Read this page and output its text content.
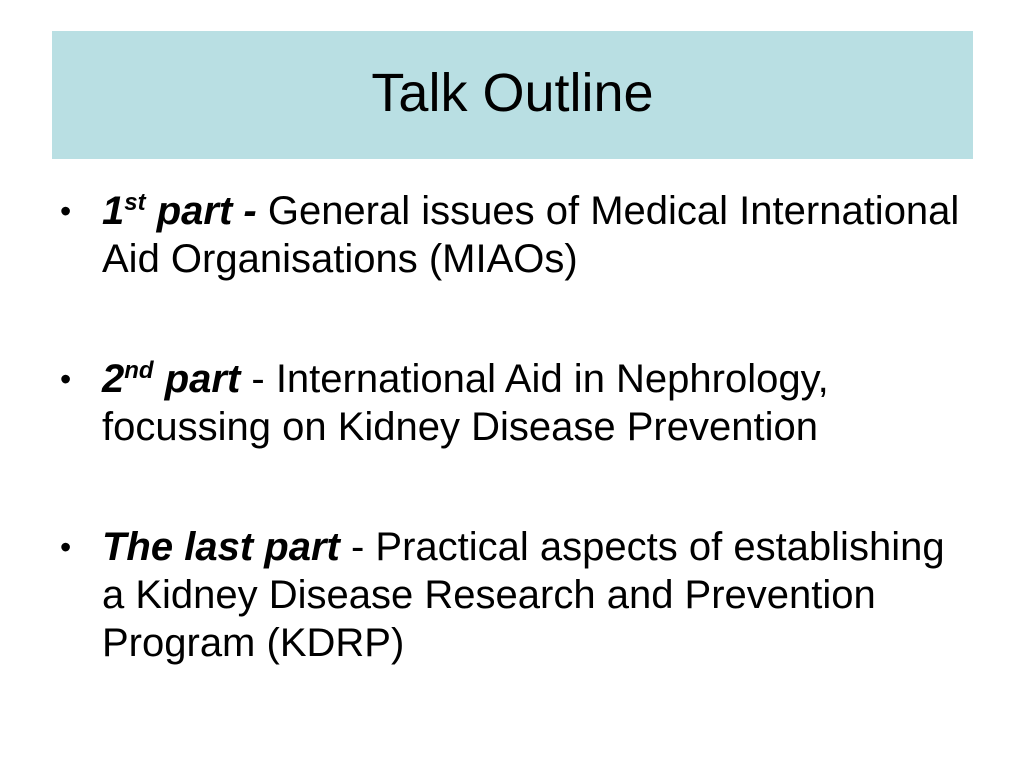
Talk Outline
• 1st part - General issues of Medical International Aid Organisations (MIAOs)
• 2nd part - International Aid in Nephrology, focussing on Kidney Disease Prevention
• The last part - Practical aspects of establishing a Kidney Disease Research and Prevention Program (KDRP)
